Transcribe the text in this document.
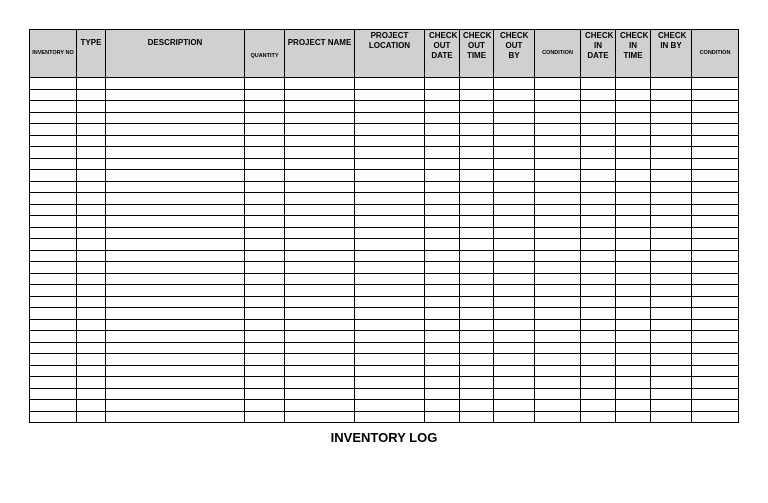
INVENTORY NO	TYPE	DESCRIPTION	QUANTITY	PROJECT NAME	PROJECT LOCATION	CHECK OUT DATE	CHECK OUT TIME	CHECK OUT BY	CONDITION	CHECK IN DATE	CHECK IN TIME	CHECK IN BY	CONDITION

INVENTORY LOG
